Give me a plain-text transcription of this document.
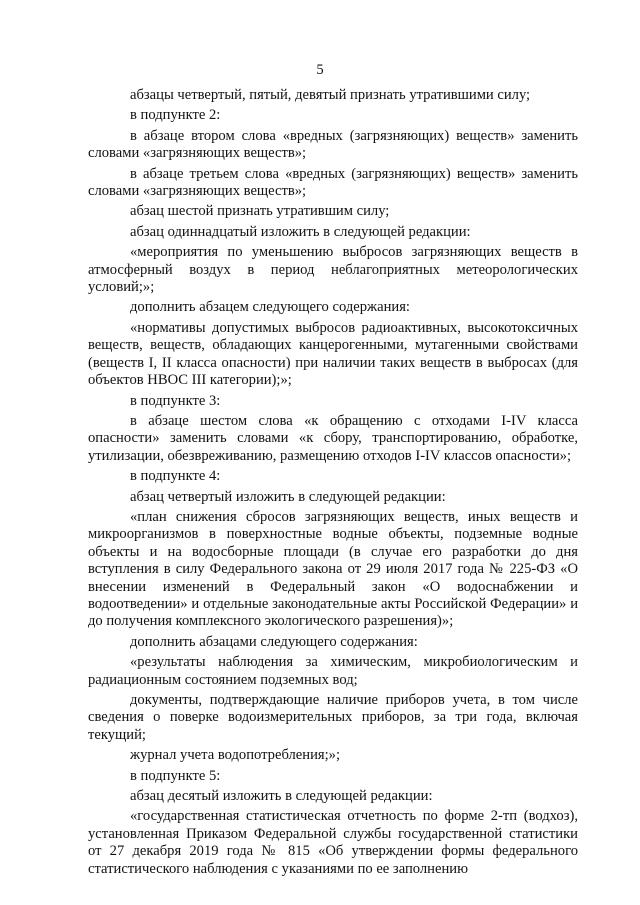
5

абзацы четвертый, пятый, девятый признать утратившими силу;

в подпункте 2:

в абзаце втором слова «вредных (загрязняющих) веществ» заменить словами «загрязняющих веществ»;

в абзаце третьем слова «вредных (загрязняющих) веществ» заменить словами «загрязняющих веществ»;

абзац шестой признать утратившим силу;

абзац одиннадцатый изложить в следующей редакции:

«мероприятия по уменьшению выбросов загрязняющих веществ в атмосферный воздух в период неблагоприятных метеорологических условий;»;

дополнить абзацем следующего содержания:

«нормативы допустимых выбросов радиоактивных, высокотоксичных веществ, веществ, обладающих канцерогенными, мутагенными свойствами (веществ I, II класса опасности) при наличии таких веществ в выбросах (для объектов НВОС III категории);»;

в подпункте 3:

в абзаце шестом слова «к обращению с отходами I-IV класса опасности» заменить словами «к сбору, транспортированию, обработке, утилизации, обезвреживанию, размещению отходов I-IV классов опасности»;

в подпункте 4:

абзац четвертый изложить в следующей редакции:

«план снижения сбросов загрязняющих веществ, иных веществ и микроорганизмов в поверхностные водные объекты, подземные водные объекты и на водосборные площади (в случае его разработки до дня вступления в силу Федерального закона от 29 июля 2017 года № 225-ФЗ «О внесении изменений в Федеральный закон «О водоснабжении и водоотведении» и отдельные законодательные акты Российской Федерации» и до получения комплексного экологического разрешения)»;

дополнить абзацами следующего содержания:

«результаты наблюдения за химическим, микробиологическим и радиационным состоянием подземных вод;

документы, подтверждающие наличие приборов учета, в том числе сведения о поверке водоизмерительных приборов, за три года, включая текущий;

журнал учета водопотребления;»;

в подпункте 5:

абзац десятый изложить в следующей редакции:

«государственная статистическая отчетность по форме 2-тп (водхоз), установленная Приказом Федеральной службы государственной статистики от 27 декабря 2019 года № 815 «Об утверждении формы федерального статистического наблюдения с указаниями по ее заполнению
